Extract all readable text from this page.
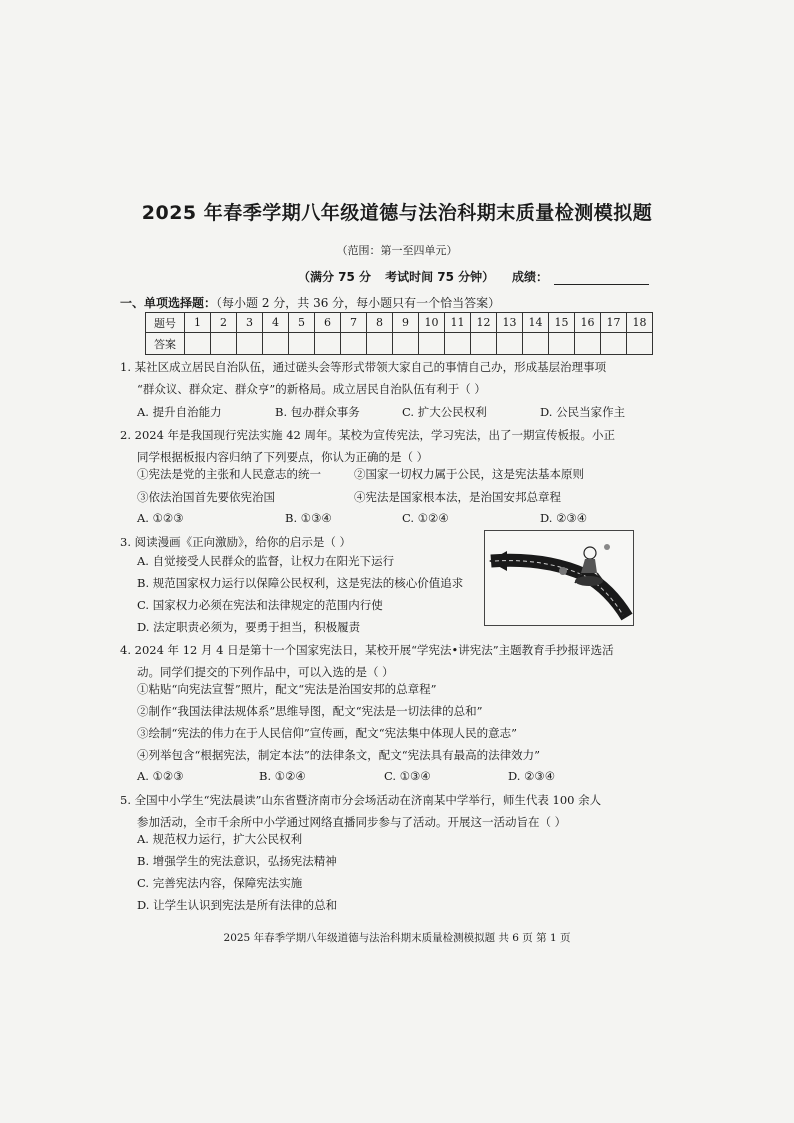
2025 年春季学期八年级道德与法治科期末质量检测模拟题
（范围：第一至四单元）
（满分 75 分 考试时间 75 分钟）	成绩：
一、单项选择题：（每小题 2 分，共 36 分，每小题只有一个恰当答案）
题号	1	2	3	4	5	6	7	8	9	10	11	12	13	14	15	16	17	18
答案																		
1. 某社区成立居民自治队伍，通过磋头会等形式带领大家自己的事情自己办，形成基层治理事项
“群众议、群众定、群众亨”的新格局。成立居民自治队伍有利于（ ）
A. 提升自治能力	B. 包办群众事务	C. 扩大公民权利	D. 公民当家作主
2. 2024 年是我国现行宪法实施 42 周年。某校为宣传宪法，学习宪法，出了一期宣传板报。小正
同学根据板报内容归纳了下列要点，你认为正确的是（ ）
①宪法是党的主张和人民意志的统一	②国家一切权力属于公民，这是宪法基本原则
③依法治国首先要依宪治国	④宪法是国家根本法，是治国安邦总章程
A. ①②③	B. ①③④	C. ①②④	D. ②③④
3. 阅读漫画《正向激励》，给你的启示是（ ）
A. 自觉接受人民群众的监督，让权力在阳光下运行
B. 规范国家权力运行以保障公民权利，这是宪法的核心价值追求
C. 国家权力必须在宪法和法律规定的范围内行使
D. 法定职责必须为，要勇于担当，积极履责
4. 2024 年 12 月 4 日是第十一个国家宪法日，某校开展“学宪法•讲宪法”主题教育手抄报评选活
动。同学们提交的下列作品中，可以入选的是（ ）
①粘贴“向宪法宣誓”照片，配文“宪法是治国安邦的总章程”
②制作“我国法律法规体系”思维导图，配文“宪法是一切法律的总和”
③绘制“宪法的伟力在于人民信仰”宣传画，配文“宪法集中体现人民的意志”
④列举包含“根据宪法，制定本法”的法律条文，配文“宪法具有最高的法律效力”
A. ①②③	B. ①②④	C. ①③④	D. ②③④
5. 全国中小学生“宪法晨读”山东省暨济南市分会场活动在济南某中学举行，师生代表 100 余人
参加活动，全市千余所中小学通过网络直播同步参与了活动。开展这一活动旨在（ ）
A. 规范权力运行，扩大公民权利
B. 增强学生的宪法意识，弘扬宪法精神
C. 完善宪法内容，保障宪法实施
D. 让学生认识到宪法是所有法律的总和
2025 年春季学期八年级道德与法治科期末质量检测模拟题 共 6 页 第 1 页
